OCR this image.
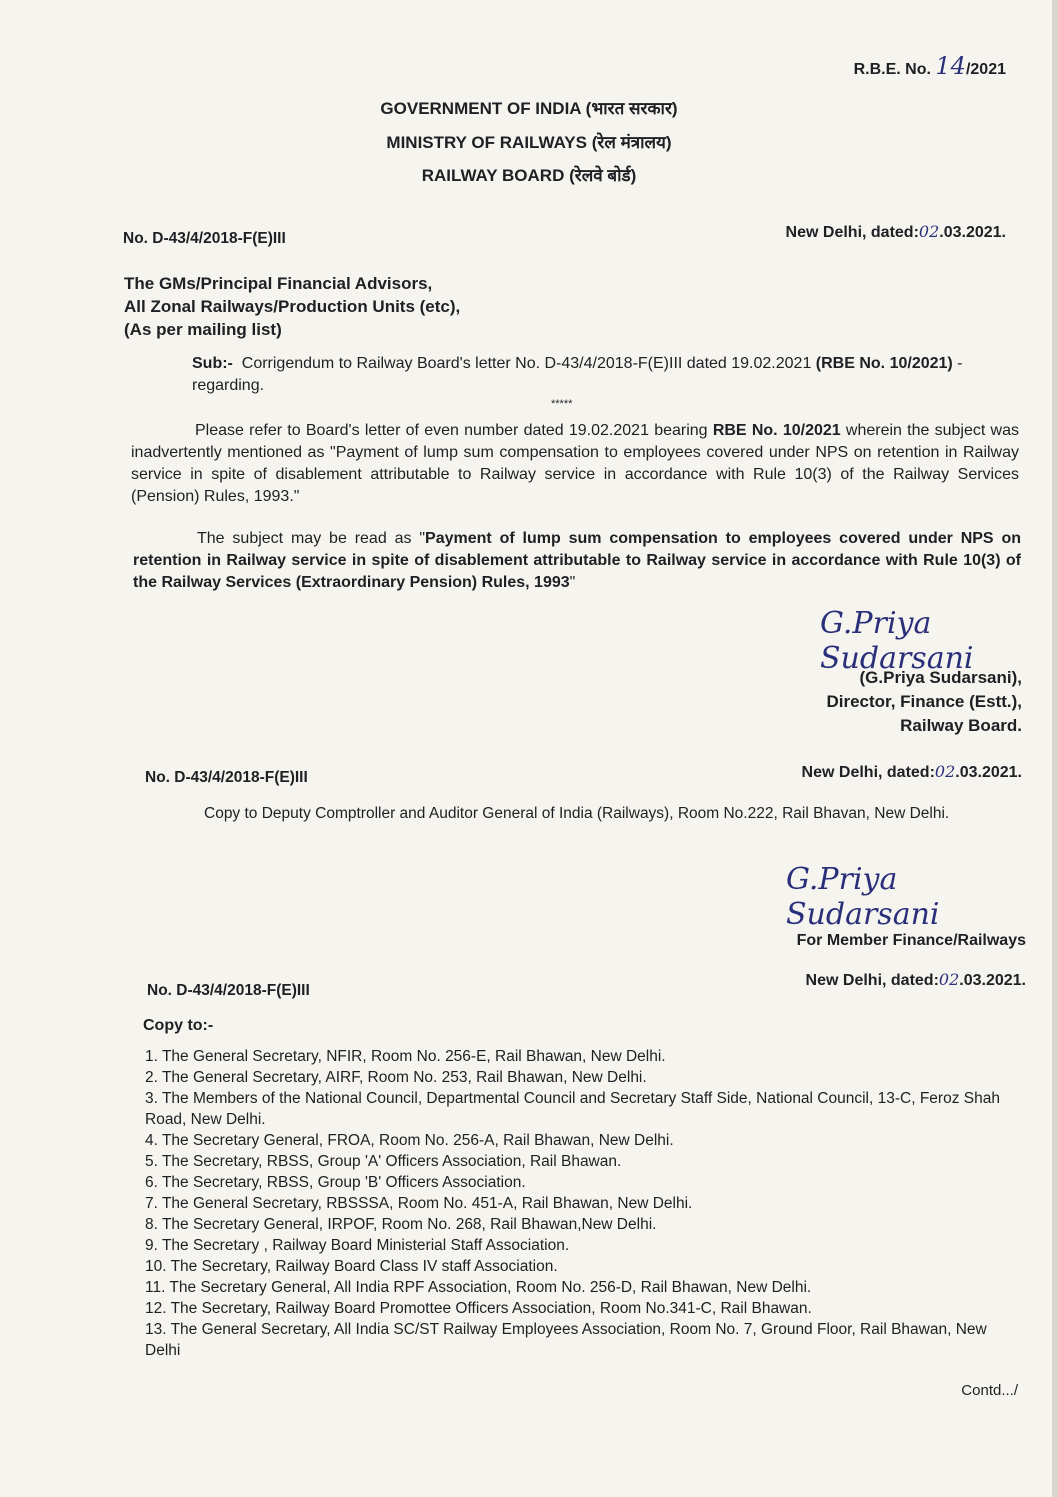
R.B.E. No. 14/2021
GOVERNMENT OF INDIA (भारत सरकार)
MINISTRY OF RAILWAYS (रेल मंत्रालय)
RAILWAY BOARD (रेलवे बोर्ड)
No. D-43/4/2018-F(E)III	New Delhi, dated:02.03.2021.
The GMs/Principal Financial Advisors,
All Zonal Railways/Production Units (etc),
(As per mailing list)
Sub:- Corrigendum to Railway Board's letter No. D-43/4/2018-F(E)III dated 19.02.2021 (RBE No. 10/2021) - regarding.
*****
Please refer to Board's letter of even number dated 19.02.2021 bearing RBE No. 10/2021 wherein the subject was inadvertently mentioned as "Payment of lump sum compensation to employees covered under NPS on retention in Railway service in spite of disablement attributable to Railway service in accordance with Rule 10(3) of the Railway Services (Pension) Rules, 1993."
The subject may be read as "Payment of lump sum compensation to employees covered under NPS on retention in Railway service in spite of disablement attributable to Railway service in accordance with Rule 10(3) of the Railway Services (Extraordinary Pension) Rules, 1993"
G.Priya Sudarsani
(G.Priya Sudarsani),
Director, Finance (Estt.),
Railway Board.
No. D-43/4/2018-F(E)III	New Delhi, dated:02.03.2021.
Copy to Deputy Comptroller and Auditor General of India (Railways), Room No.222, Rail Bhavan, New Delhi.
G.Priya Sudarsani
For Member Finance/Railways
No. D-43/4/2018-F(E)III
New Delhi, dated:02.03.2021.
Copy to:-
1. The General Secretary, NFIR, Room No. 256-E, Rail Bhawan, New Delhi.
2. The General Secretary, AIRF, Room No. 253, Rail Bhawan, New Delhi.
3. The Members of the National Council, Departmental Council and Secretary Staff Side, National Council, 13-C, Feroz Shah Road, New Delhi.
4. The Secretary General, FROA, Room No. 256-A, Rail Bhawan, New Delhi.
5. The Secretary, RBSS, Group 'A' Officers Association, Rail Bhawan.
6. The Secretary, RBSS, Group 'B' Officers Association.
7. The General Secretary, RBSSSA, Room No. 451-A, Rail Bhawan, New Delhi.
8. The Secretary General, IRPOF, Room No. 268, Rail Bhawan,New Delhi.
9. The Secretary , Railway Board Ministerial Staff Association.
10. The Secretary, Railway Board Class IV staff Association.
11. The Secretary General, All India RPF Association, Room No. 256-D, Rail Bhawan, New Delhi.
12. The Secretary, Railway Board Promottee Officers Association, Room No.341-C, Rail Bhawan.
13. The General Secretary, All India SC/ST Railway Employees Association, Room No. 7, Ground Floor, Rail Bhawan, New Delhi
Contd.../
